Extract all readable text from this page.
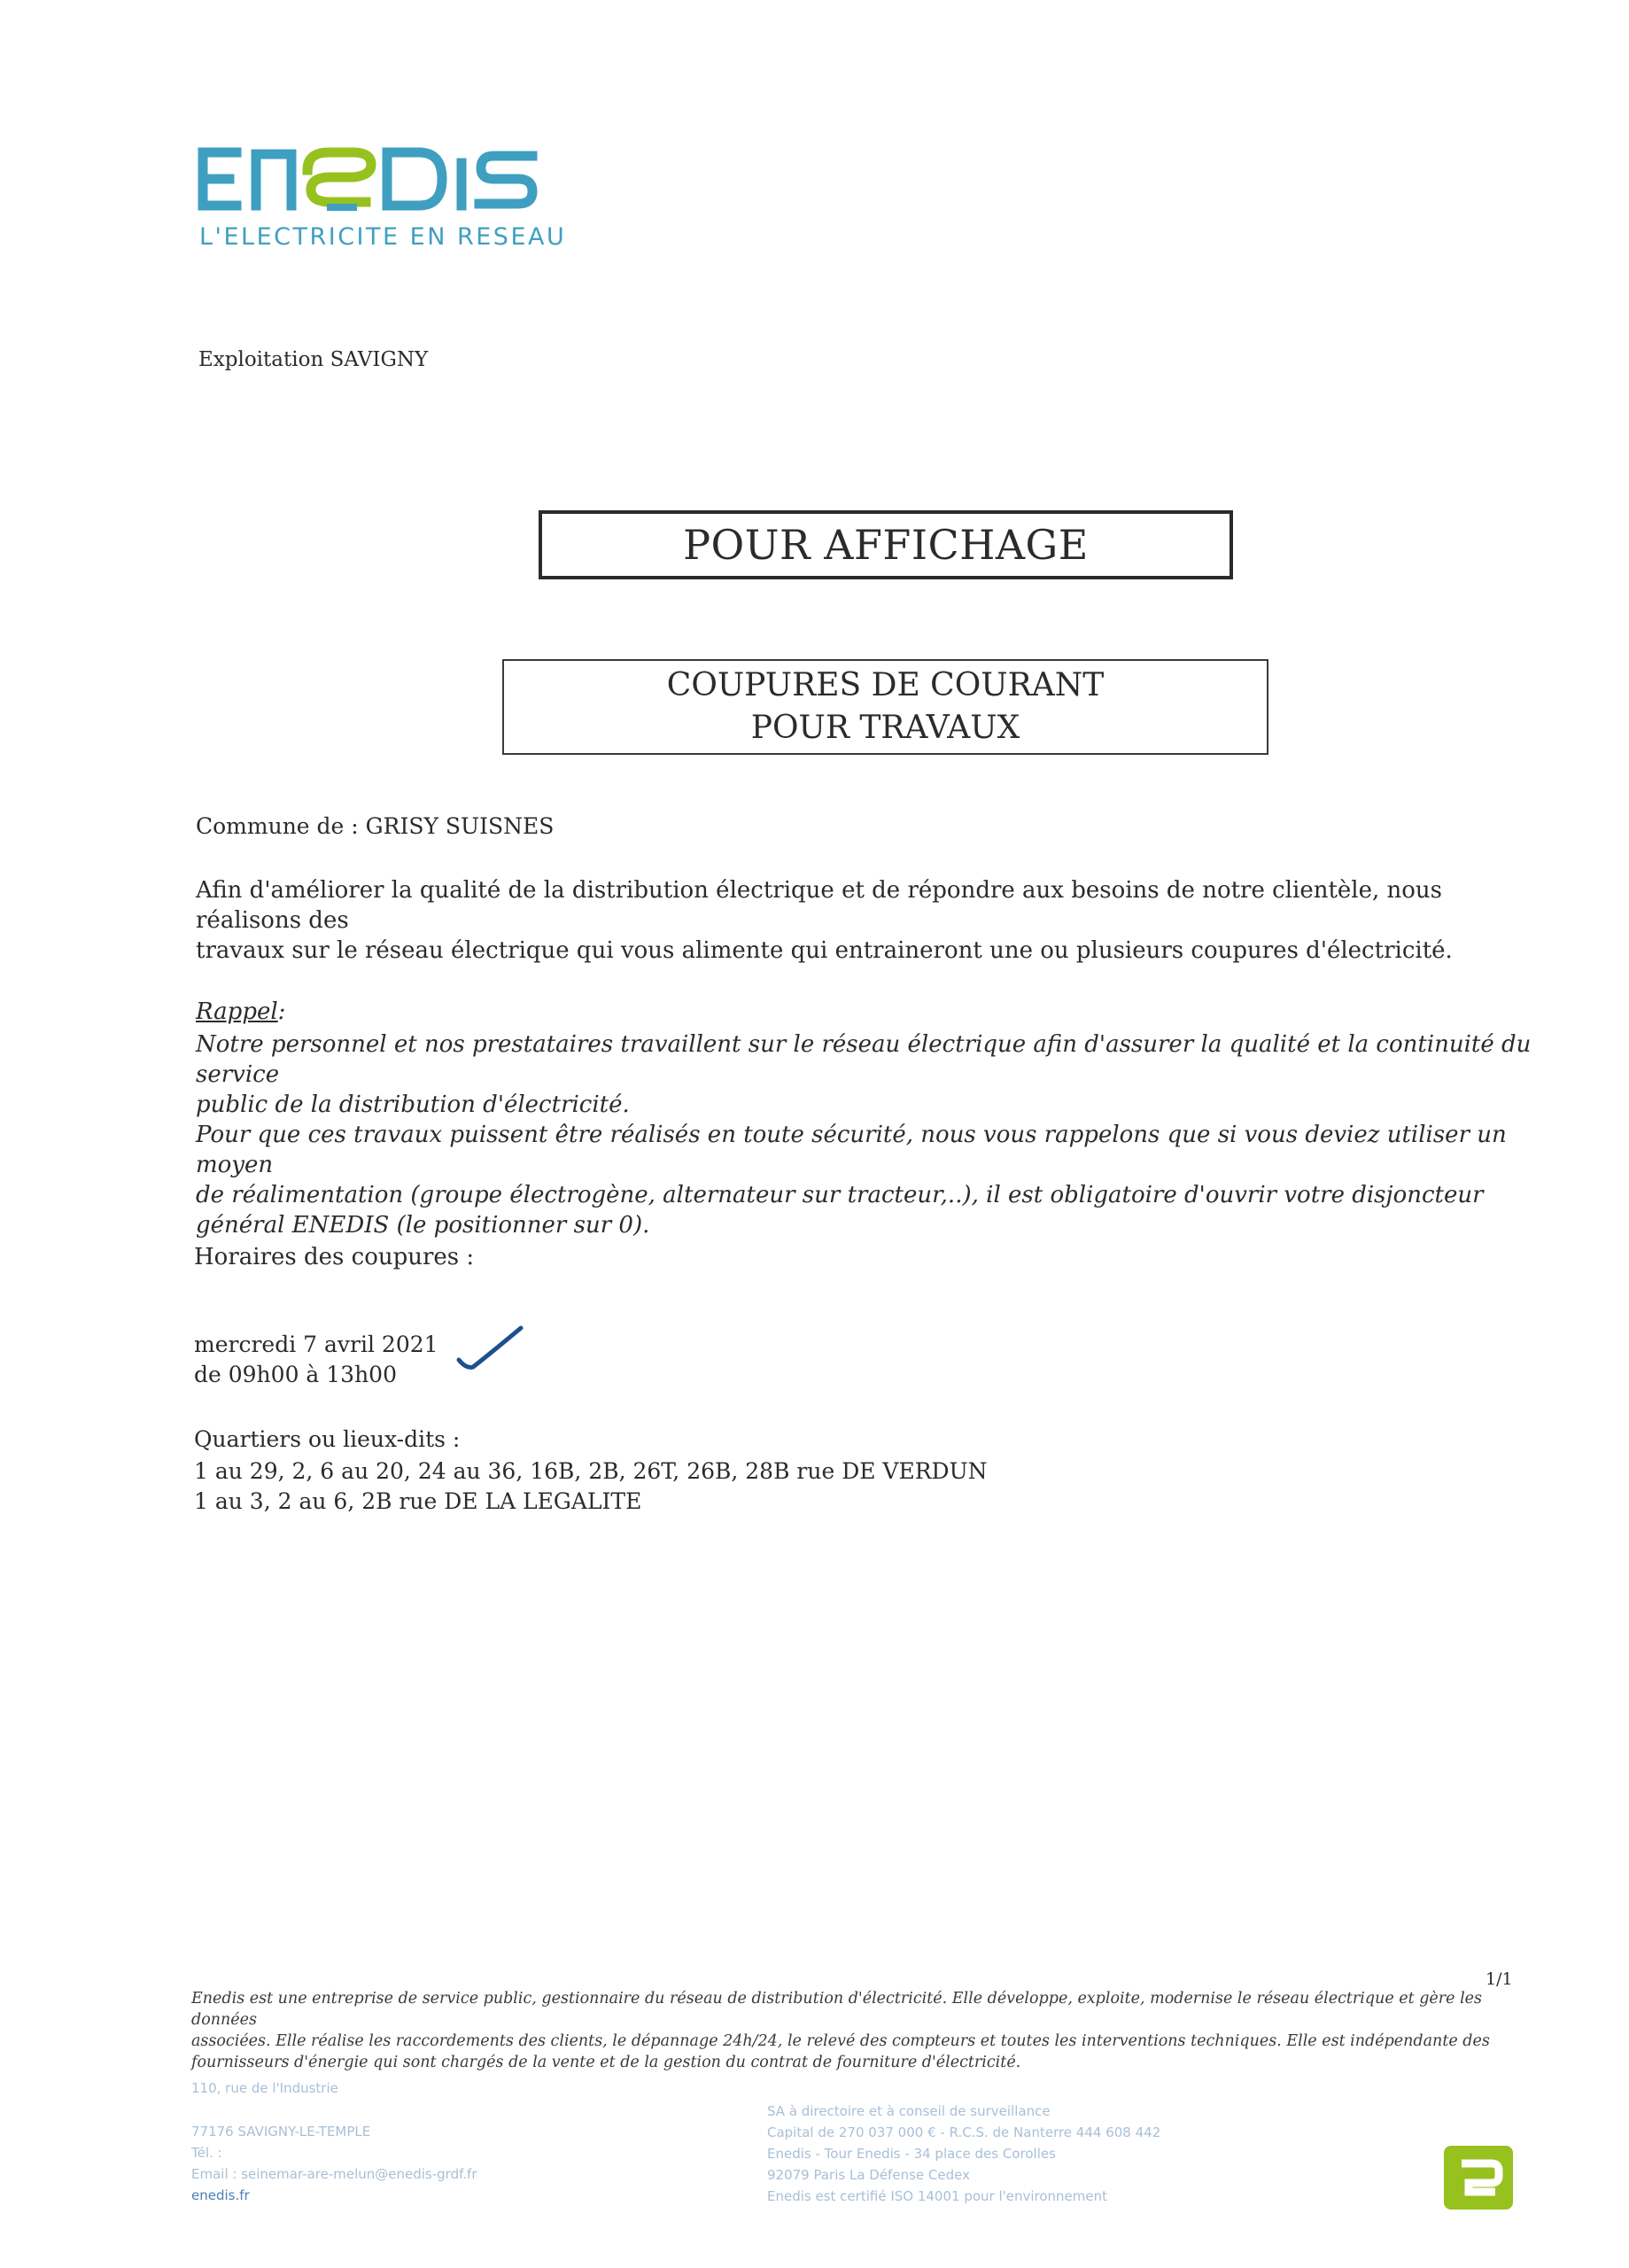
L'ELECTRICITE EN RESEAU
Exploitation SAVIGNY
POUR AFFICHAGE
COUPURES DE COURANT
POUR TRAVAUX
Commune de : GRISY SUISNES
Afin d'améliorer la qualité de la distribution électrique et de répondre aux besoins de notre clientèle, nous réalisons des
travaux sur le réseau électrique qui vous alimente qui entraineront une ou plusieurs coupures d'électricité.
Rappel:
Notre personnel et nos prestataires travaillent sur le réseau électrique afin d'assurer la qualité et la continuité du service
public de la distribution d'électricité.
Pour que ces travaux puissent être réalisés en toute sécurité, nous vous rappelons que si vous deviez utiliser un moyen
de réalimentation (groupe électrogène, alternateur sur tracteur,..), il est obligatoire d'ouvrir votre disjoncteur
général ENEDIS (le positionner sur 0).
Horaires des coupures :
mercredi 7 avril 2021
de 09h00 à 13h00
Quartiers ou lieux-dits :
1 au 29, 2, 6 au 20, 24 au 36, 16B, 2B, 26T, 26B, 28B rue DE VERDUN
1 au 3, 2 au 6, 2B rue DE LA LEGALITE
1/1
Enedis est une entreprise de service public, gestionnaire du réseau de distribution d'électricité. Elle développe, exploite, modernise le réseau électrique et gère les données
associées. Elle réalise les raccordements des clients, le dépannage 24h/24, le relevé des compteurs et toutes les interventions techniques. Elle est indépendante des
fournisseurs d'énergie qui sont chargés de la vente et de la gestion du contrat de fourniture d'électricité.
110, rue de l'Industrie
77176 SAVIGNY-LE-TEMPLE
Tél. :
Email : seinemar-are-melun@enedis-grdf.fr
enedis.fr
SA à directoire et à conseil de surveillance
Capital de 270 037 000 € - R.C.S. de Nanterre 444 608 442
Enedis - Tour Enedis - 34 place des Corolles
92079 Paris La Défense Cedex
Enedis est certifié ISO 14001 pour l'environnement
